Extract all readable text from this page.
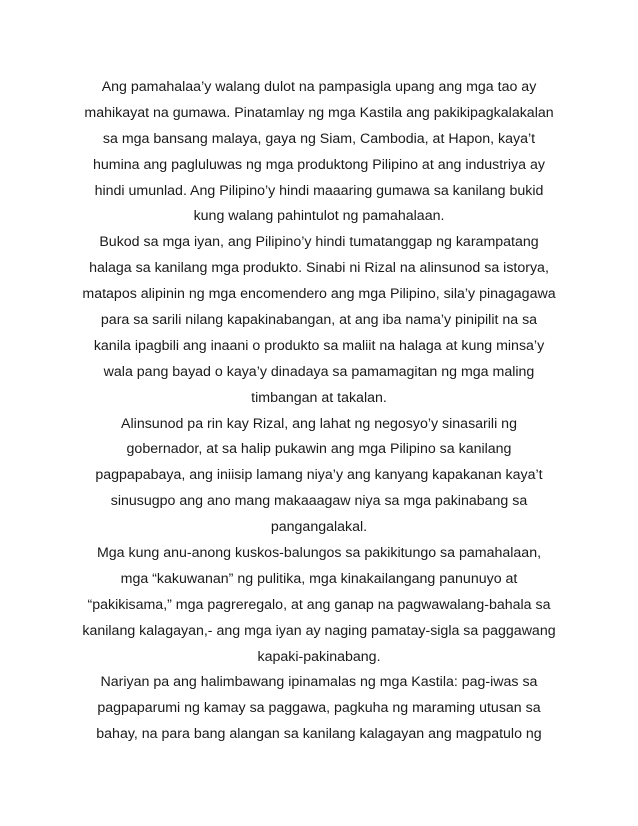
Ang pamahalaa’y walang dulot na pampasigla upang ang mga tao ay
mahikayat na gumawa. Pinatamlay ng mga Kastila ang pakikipagkalakalan
sa mga bansang malaya, gaya ng Siam, Cambodia, at Hapon, kaya’t
humina ang pagluluwas ng mga produktong Pilipino at ang industriya ay
hindi umunlad. Ang Pilipino’y hindi maaaring gumawa sa kanilang bukid
kung walang pahintulot ng pamahalaan.
Bukod sa mga iyan, ang Pilipino’y hindi tumatanggap ng karampatang
halaga sa kanilang mga produkto. Sinabi ni Rizal na alinsunod sa istorya,
matapos alipinin ng mga encomendero ang mga Pilipino, sila’y pinagagawa
para sa sarili nilang kapakinabangan, at ang iba nama’y pinipilit na sa
kanila ipagbili ang inaani o produkto sa maliit na halaga at kung minsa’y
wala pang bayad o kaya’y dinadaya sa pamamagitan ng mga maling
timbangan at takalan.
Alinsunod pa rin kay Rizal, ang lahat ng negosyo’y sinasarili ng
gobernador, at sa halip pukawin ang mga Pilipino sa kanilang
pagpapabaya, ang iniisip lamang niya’y ang kanyang kapakanan kaya’t
sinusugpo ang ano mang makaaagaw niya sa mga pakinabang sa
pangangalakal.
Mga kung anu-anong kuskos-balungos sa pakikitungo sa pamahalaan,
mga “kakuwanan” ng pulitika, mga kinakailangang panunuyo at
“pakikisama,” mga pagreregalo, at ang ganap na pagwawalang-bahala sa
kanilang kalagayan,- ang mga iyan ay naging pamatay-sigla sa paggawang
kapaki-pakinabang.
Nariyan pa ang halimbawang ipinamalas ng mga Kastila: pag-iwas sa
pagpaparumi ng kamay sa paggawa, pagkuha ng maraming utusan sa
bahay, na para bang alangan sa kanilang kalagayan ang magpatulo ng
